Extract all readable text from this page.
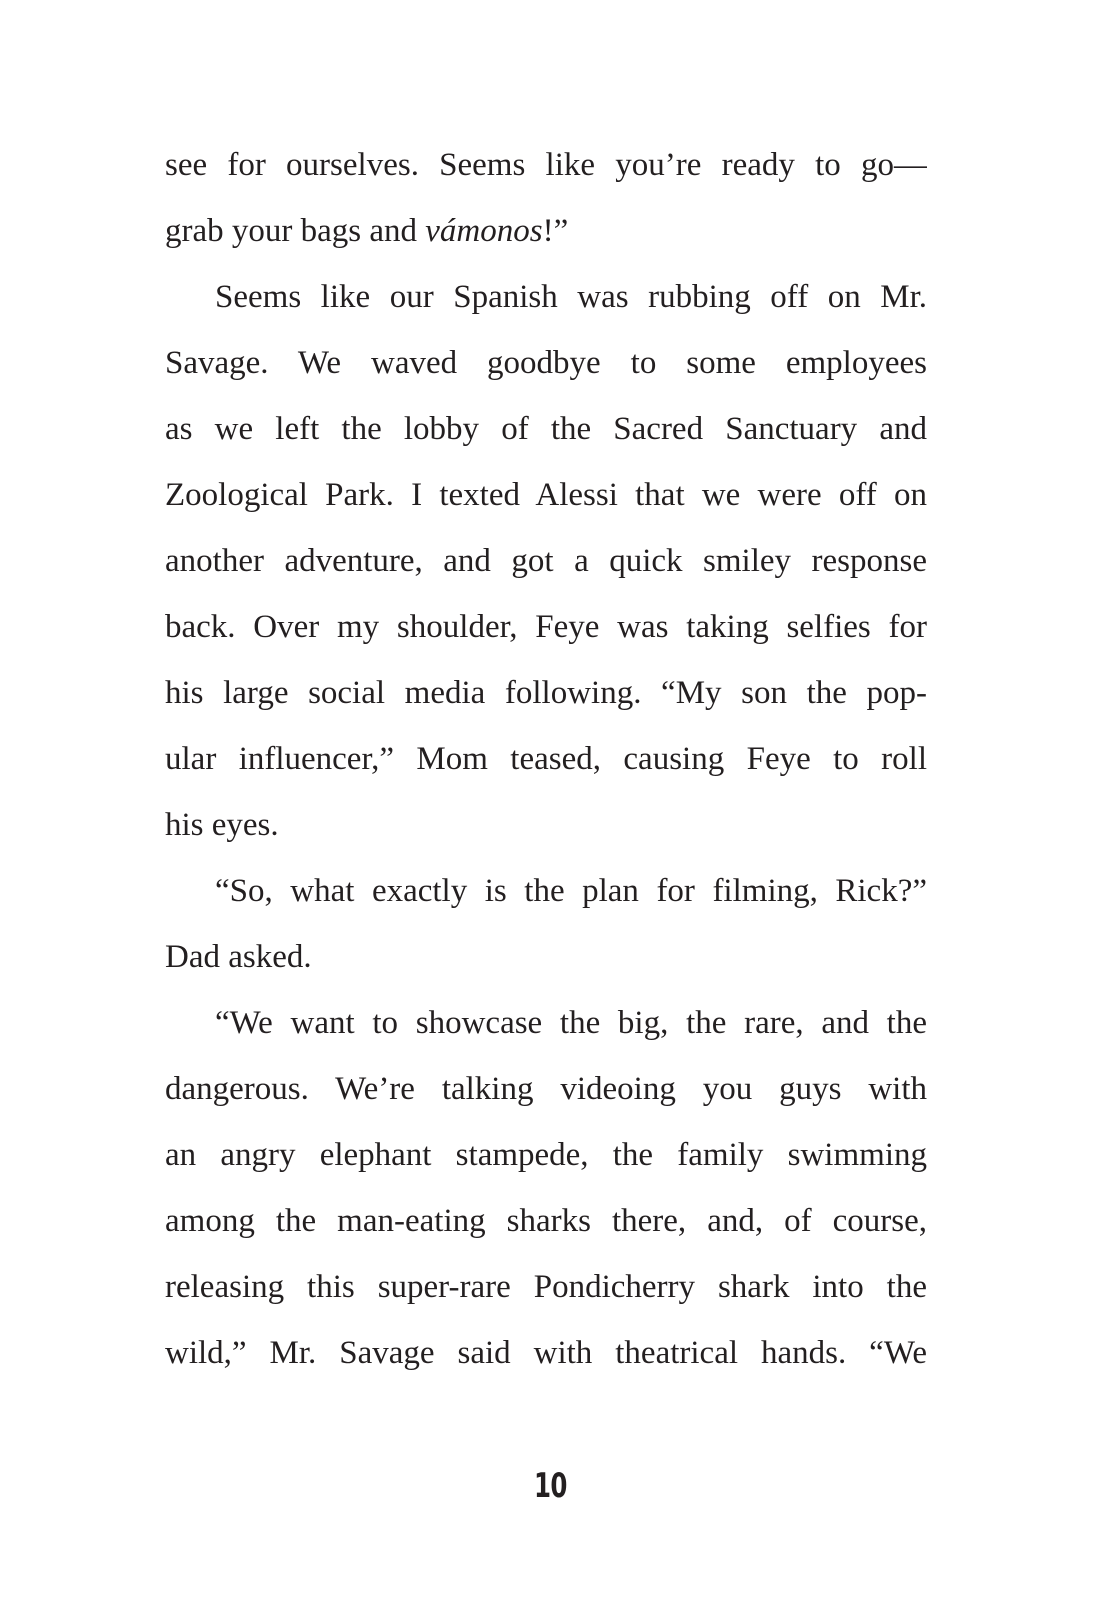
see for ourselves. Seems like you’re ready to go—
grab your bags and vámonos!”
Seems like our Spanish was rubbing off on Mr.
Savage. We waved goodbye to some employees
as we left the lobby of the Sacred Sanctuary and
Zoological Park. I texted Alessi that we were off on
another adventure, and got a quick smiley response
back. Over my shoulder, Feye was taking selfies for
his large social media following. “My son the pop-
ular influencer,” Mom teased, causing Feye to roll
his eyes.
“So, what exactly is the plan for filming, Rick?”
Dad asked.
“We want to showcase the big, the rare, and the
dangerous. We’re talking videoing you guys with
an angry elephant stampede, the family swimming
among the man-eating sharks there, and, of course,
releasing this super-rare Pondicherry shark into the
wild,” Mr. Savage said with theatrical hands. “We
10
